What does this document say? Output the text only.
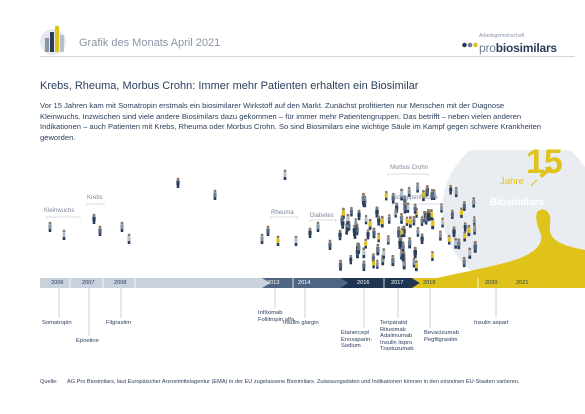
Grafik des Monats April 2021
Arbeitsgemeinschaft
probiosimilars
Krebs, Rheuma, Morbus Crohn: Immer mehr Patienten erhalten ein Biosimilar
Vor 15 Jahren kam mit Somatropin erstmals ein biosimilarer Wirkstoff auf den Markt. Zunächst profitierten nur Menschen mit der Diagnose Kleinwuchs. Inzwischen sind viele andere Biosimilars dazu gekommen – für immer mehr Patientengruppen. Das betrifft – neben vielen anderen Indikationen – auch Patienten mit Krebs, Rheuma oder Morbus Crohn. So sind Biosimilars eine wichtige Säule im Kampf gegen schwere Krankheiten geworden.
15
Jahre
Biosimilars
Kleinwuchs
Krebs
Rheuma	Diabetes
Morbus Crohn
Schuppenflechte
2006	2007	2008	2013	2014	2016	2017	2018	2020	2021
Somatropin
Epoetine
Filgrastim
Infliximab
Follitropin alfa
Insulin glargin
Etanercept
Enoxaparin-
Sodium
Teriparatid
Rituximab
Adalimumab
Insulin lispro
Trastuzumab
Bevacizumab
Pegfilgrastim
Insulin aspart
Quelle: AG Pro Biosimilars, laut Europäischer Arzneimittelagentur (EMA) in der EU zugelassene Biosimilars. Zulassungsdaten und Indikationen können in den einzelnen EU-Staaten variieren.
